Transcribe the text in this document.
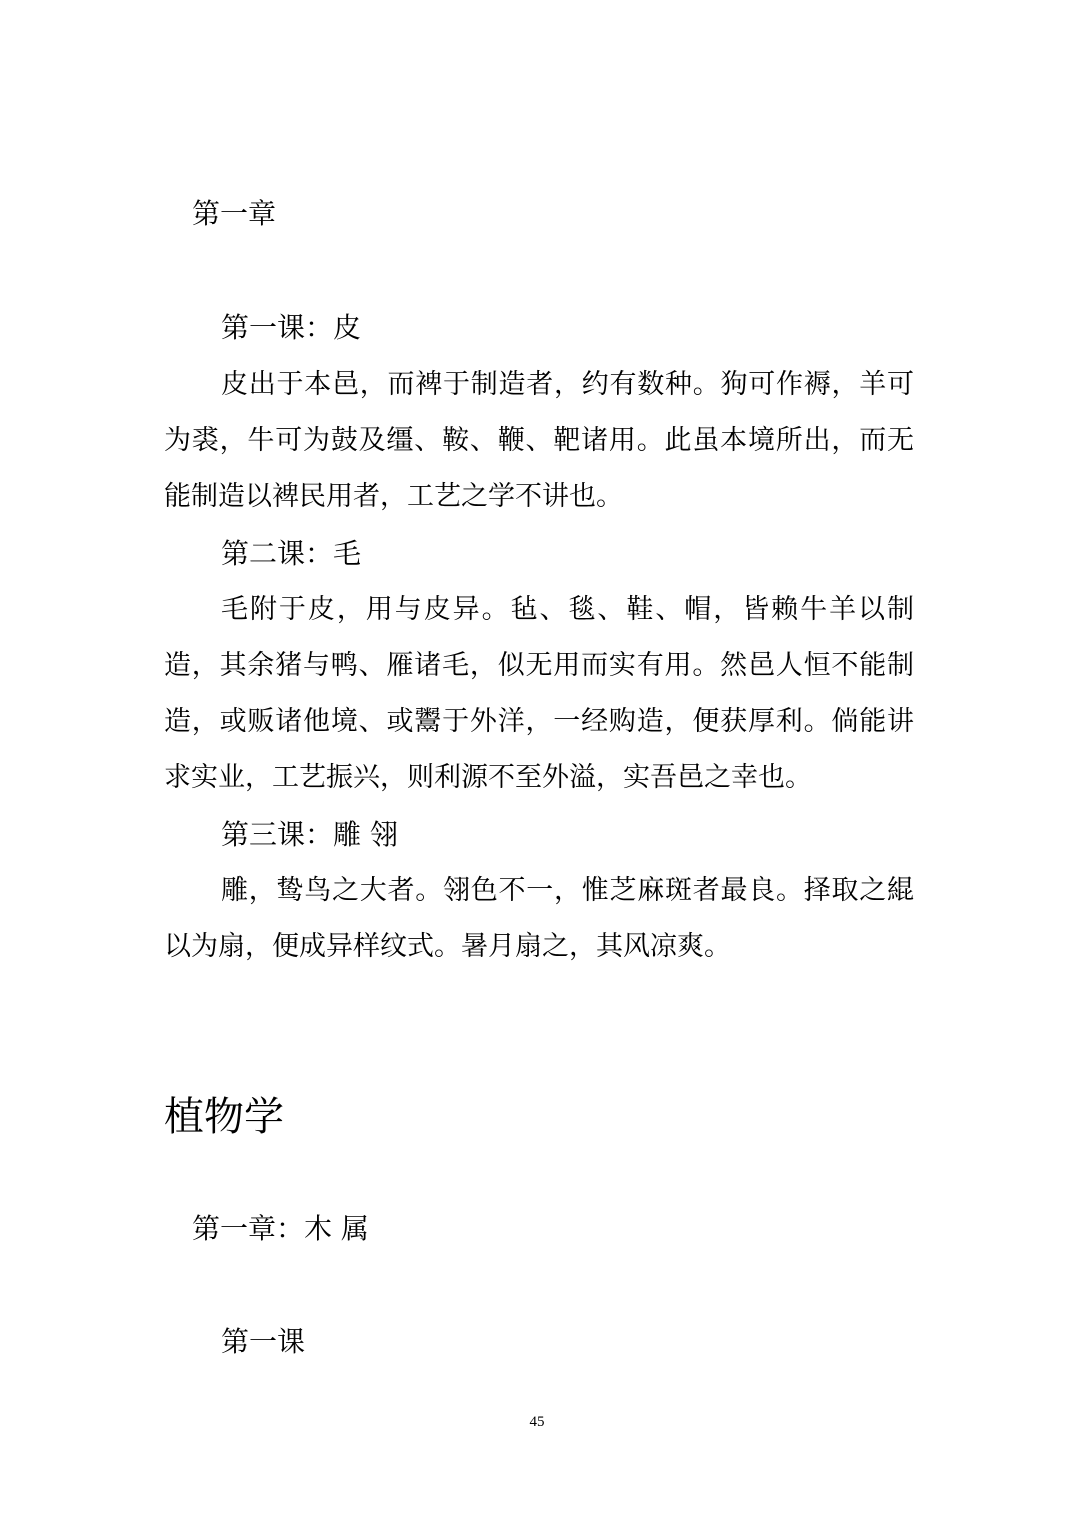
第一章
第一课：皮

皮出于本邑，而裨于制造者，约有数种。狗可作褥，羊可为裘，牛可为鼓及缰、鞍、鞭、靶诸用。此虽本境所出，而无能制造以裨民用者，工艺之学不讲也。

第二课：毛

毛附于皮，用与皮异。毡、毯、鞋、帽，皆赖牛羊以制造，其余猪与鸭、雁诸毛，似无用而实有用。然邑人恒不能制造，或贩诸他境、或鬻于外洋，一经购造，便获厚利。倘能讲求实业，工艺振兴，则利源不至外溢，实吾邑之幸也。

第三课：雕 翎

雕，鸷鸟之大者。翎色不一，惟芝麻斑者最良。择取之緄以为扇，便成异样纹式。暑月扇之，其风凉爽。

植物学
第一章：木 属
第一课
45
